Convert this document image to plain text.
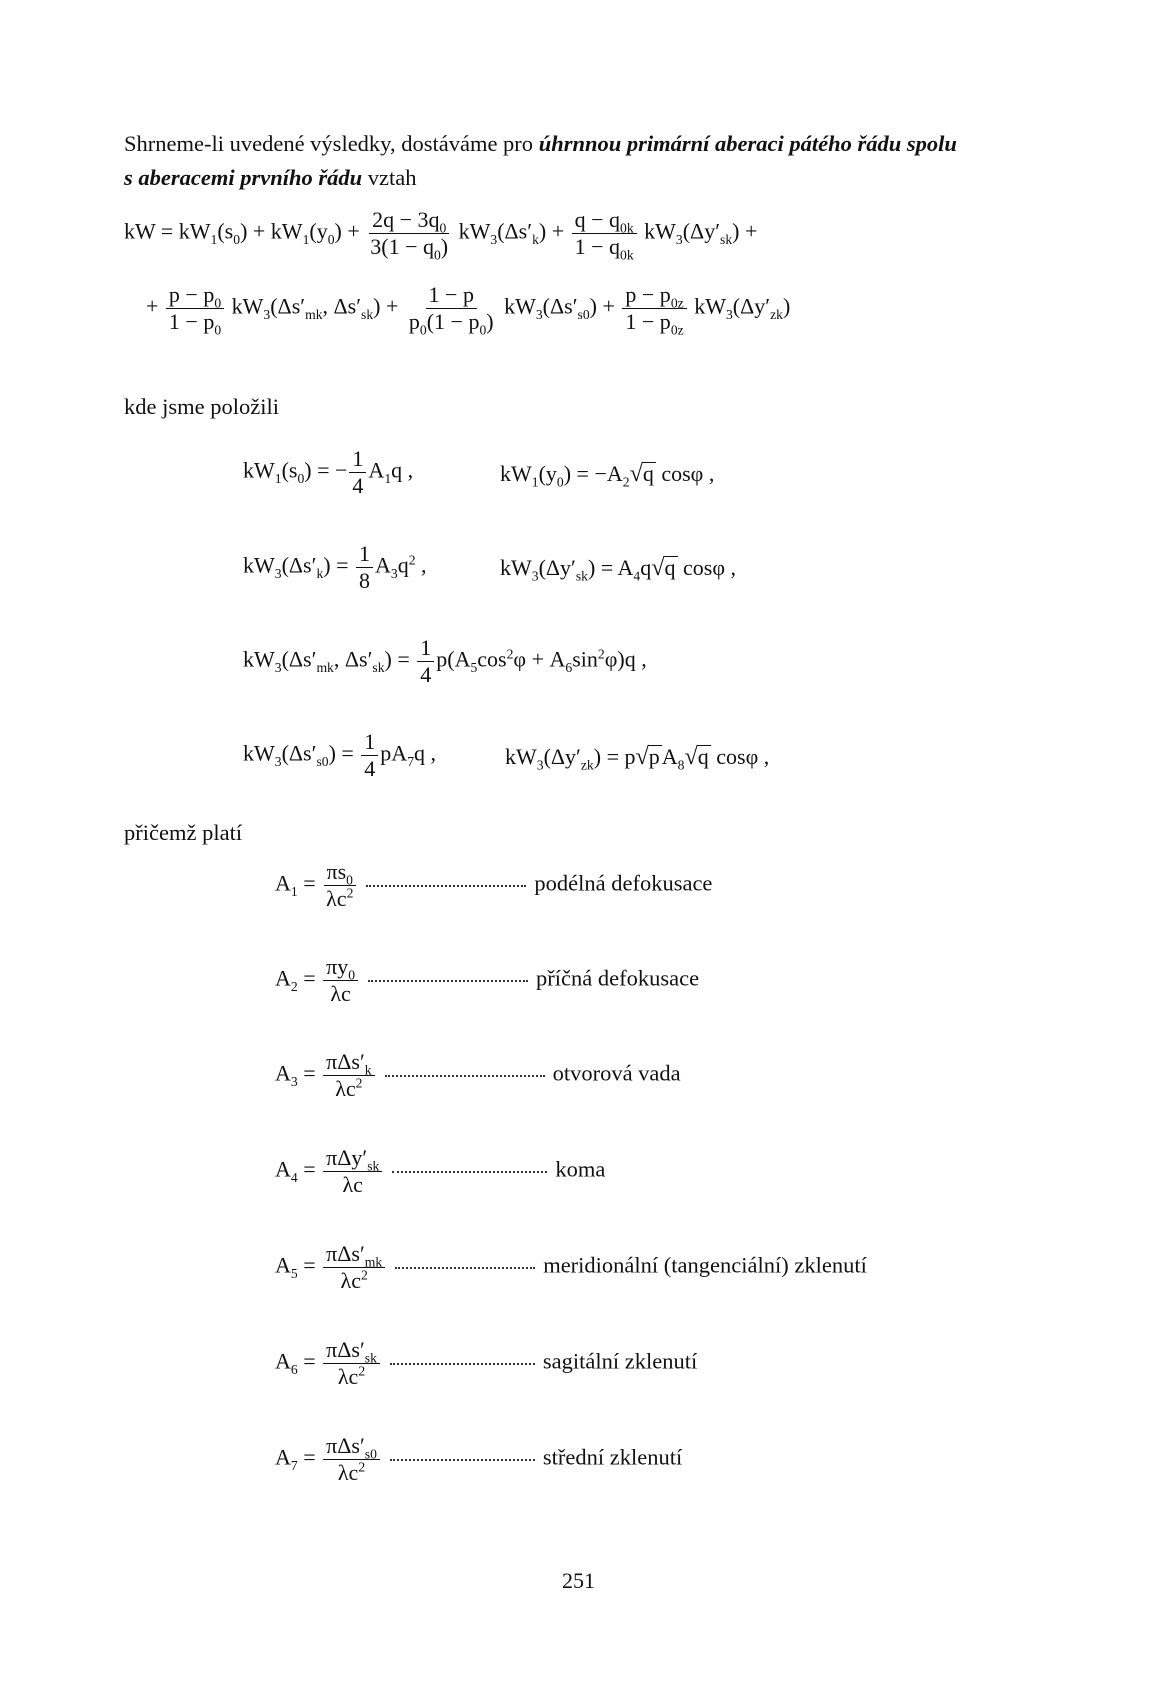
Shrneme-li uvedené výsledky, dostáváme pro úhrnnou primární aberaci pátého řádu spolu
s aberacemi prvního řádu vztah
kW = $kW_1(s_0) + kW_1(y_0) + \frac{2q - 3q_0}{3(1 - q_0)} kW_3(\Delta s'_k) + \frac{q - q_{0k}}{1 - q_{0k}} kW_3(\Delta y'_{sk})$ +
+ $\frac{p - p_0}{1 - p_0} kW_3(\Delta s'_{mk}$, $\Delta s'_{sk}) + \frac{1 - p}{p_0(1 - p_0)} kW_3(\Delta s'_{s0}) + \frac{p - p_{0z}}{1 - p_{0z}} kW_3(\Delta y'_{zk})$
kde jsme položili
$kW_1(s_0)$ = − $\frac{1}{4} A_1q$ ,	$kW_1(y_0) = -A_2√q$ cosφ ,
$kW_3(\Delta s'_k) = \frac{1}{8} A_3q^2$ ,	$kW_3(\Delta y'_{sk}) = A_4q√q$ cosφ ,
$kW_3(\Delta s'_{mk}$, $\Delta s'_{sk}) = \frac{1}{4} p(A_5\cos^2\varphi + A_6\sin^2\varphi)q$ ,
$kW_3(\Delta s'_{s0}) = \frac{1}{4} pA_7q$ ,	$kW_3(\Delta y'_{zk}) = p√pA_8√q$ cosφ ,
přičemž platí
$A_1 = \frac{\pi s_0}{\lambda c^2}$	podélná defokusace
$A_2 = \frac{\pi y_0}{\lambda c}$	příčná defokusace
$A_3 = \frac{\pi\Delta s'_k}{\lambda c^2}$	otvorová vada
$A_4 = \frac{\pi\Delta y'_{sk}}{\lambda c}$	koma
$A_5 = \frac{\pi\Delta s'_{mk}}{\lambda c^2}$	meridionální (tangenciální) zklenutí
$A_6 = \frac{\pi\Delta s'_{sk}}{\lambda c^2}$	sagitální zklenutí
$A_7 = \frac{\pi\Delta s'_{s0}}{\lambda c^2}$	střední zklenutí
251
